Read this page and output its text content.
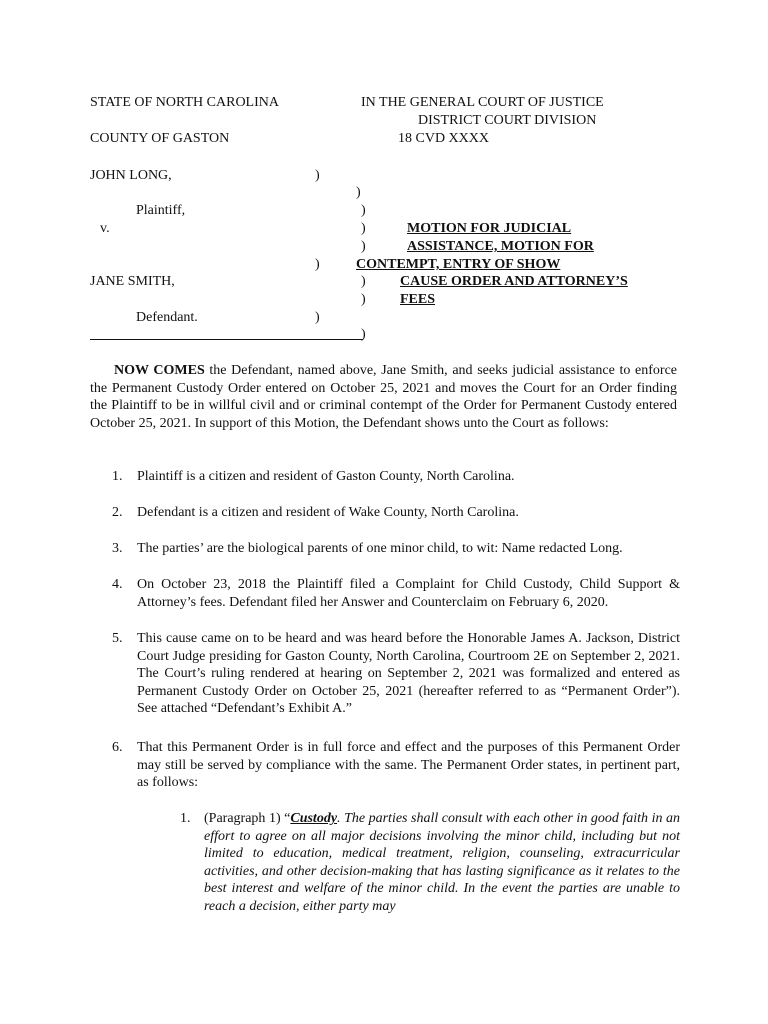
STATE OF NORTH CAROLINA	IN THE GENERAL COURT OF JUSTICE
DISTRICT COURT DIVISION
COUNTY OF GASTON	18 CVD XXXX
JOHN LONG,
Plaintiff,
v.
JANE SMITH,
Defendant.
)
)
)
)
)
)
)
)
)
)
MOTION FOR JUDICIAL
ASSISTANCE, MOTION FOR
CONTEMPT, ENTRY OF SHOW
CAUSE ORDER AND ATTORNEY’S
FEES

NOW COMES the Defendant, named above, Jane Smith, and seeks judicial assistance to enforce the Permanent Custody Order entered on October 25, 2021 and moves the Court for an Order finding the Plaintiff to be in willful civil and or criminal contempt of the Order for Permanent Custody entered October 25, 2021. In support of this Motion, the Defendant shows unto the Court as follows:

1. Plaintiff is a citizen and resident of Gaston County, North Carolina.
2. Defendant is a citizen and resident of Wake County, North Carolina.
3. The parties’ are the biological parents of one minor child, to wit: Name redacted Long.
4. On October 23, 2018 the Plaintiff filed a Complaint for Child Custody, Child Support & Attorney’s fees. Defendant filed her Answer and Counterclaim on February 6, 2020.
5. This cause came on to be heard and was heard before the Honorable James A. Jackson, District Court Judge presiding for Gaston County, North Carolina, Courtroom 2E on September 2, 2021. The Court’s ruling rendered at hearing on September 2, 2021 was formalized and entered as Permanent Custody Order on October 25, 2021 (hereafter referred to as “Permanent Order”). See attached “Defendant’s Exhibit A.”
6. That this Permanent Order is in full force and effect and the purposes of this Permanent Order may still be served by compliance with the same. The Permanent Order states, in pertinent part, as follows:
1. (Paragraph 1) “Custody. The parties shall consult with each other in good faith in an effort to agree on all major decisions involving the minor child, including but not limited to education, medical treatment, religion, counseling, extracurricular activities, and other decision-making that has lasting significance as it relates to the best interest and welfare of the minor child. In the event the parties are unable to reach a decision, either party may
